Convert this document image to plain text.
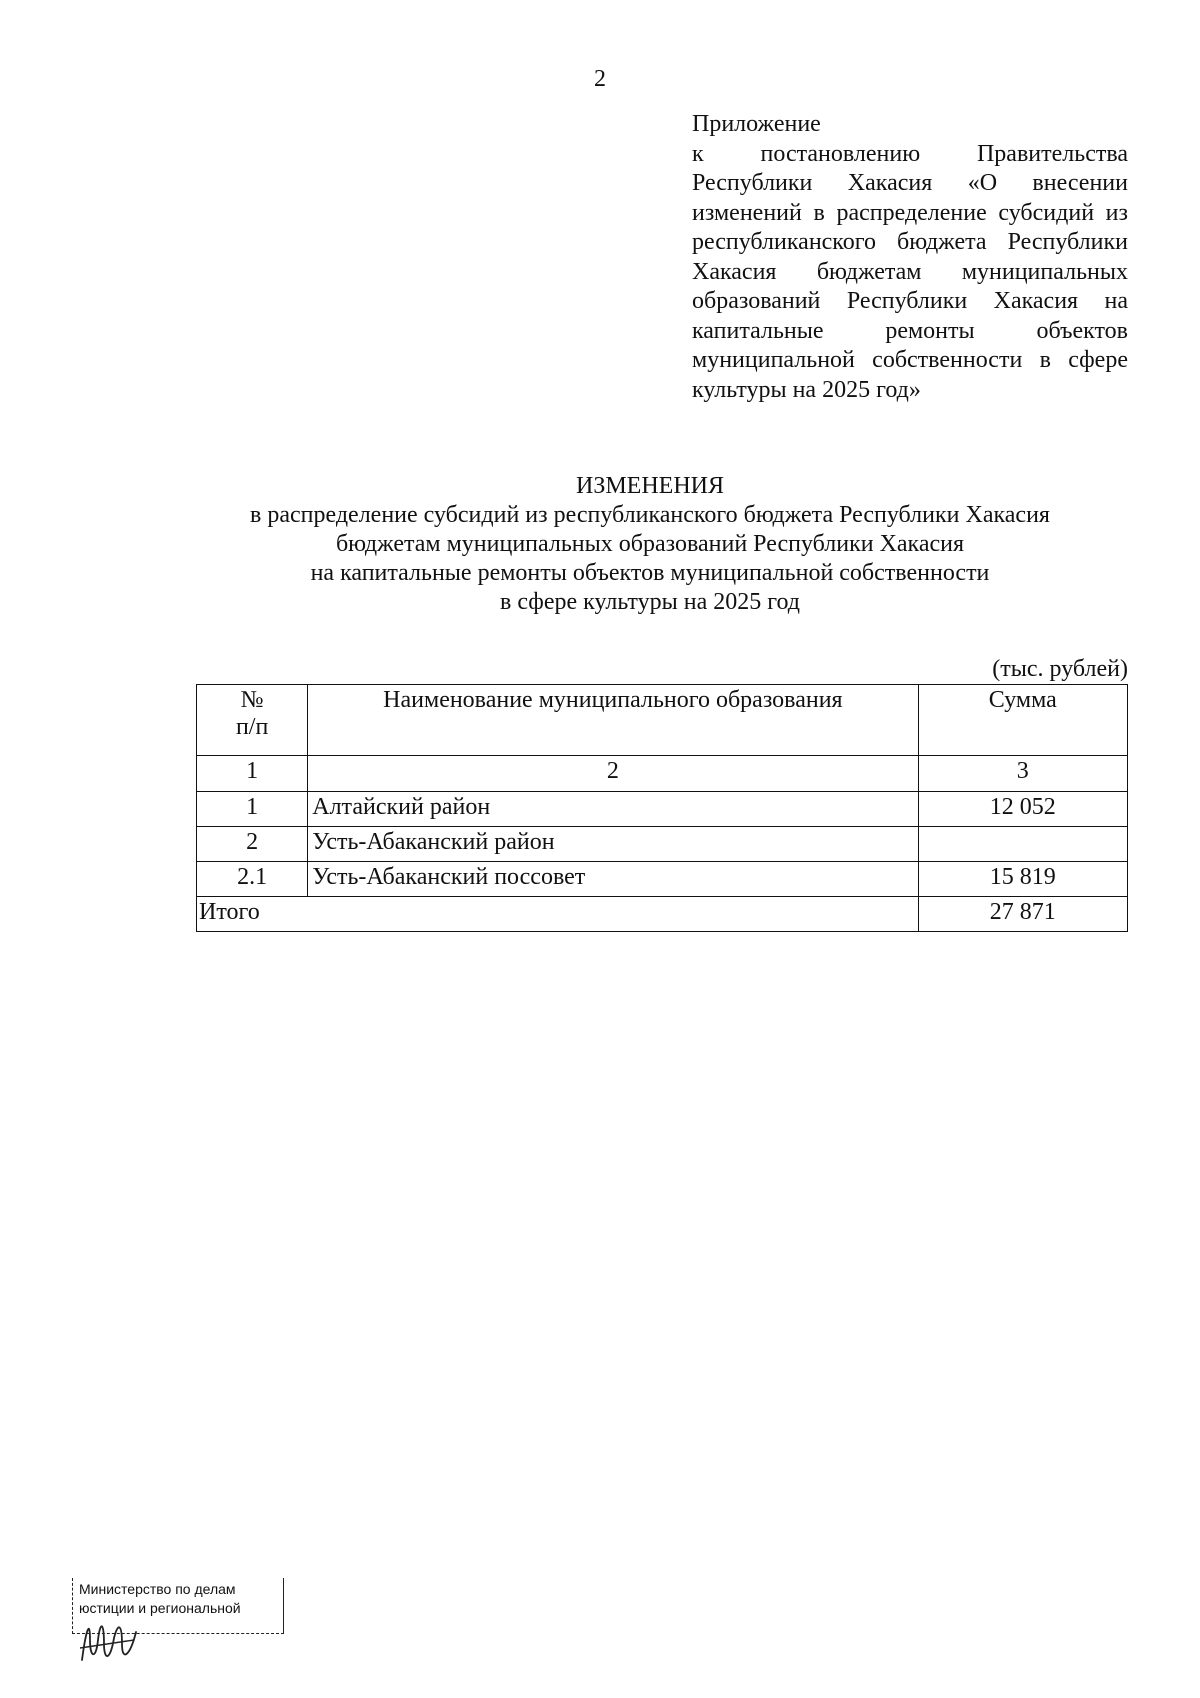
2
Приложение
к постановлению Правительства Республики Хакасия «О внесении изменений в распределение субсидий из республиканского бюджета Республики Хакасия бюджетам муниципальных образований Республики Хакасия на капитальные ремонты объектов муниципальной собственности в сфере культуры на 2025 год»
ИЗМЕНЕНИЯ
в распределение субсидий из республиканского бюджета Республики Хакасия
бюджетам муниципальных образований Республики Хакасия
на капитальные ремонты объектов муниципальной собственности
в сфере культуры на 2025 год
(тыс. рублей)
№
п/п	Наименование муниципального образования	Сумма
1	2	3
1	Алтайский район	12 052
2	Усть-Абаканский район	
2.1	Усть-Абаканский поссовет	15 819
Итого		27 871
Министерство по делам
юстиции и региональной
